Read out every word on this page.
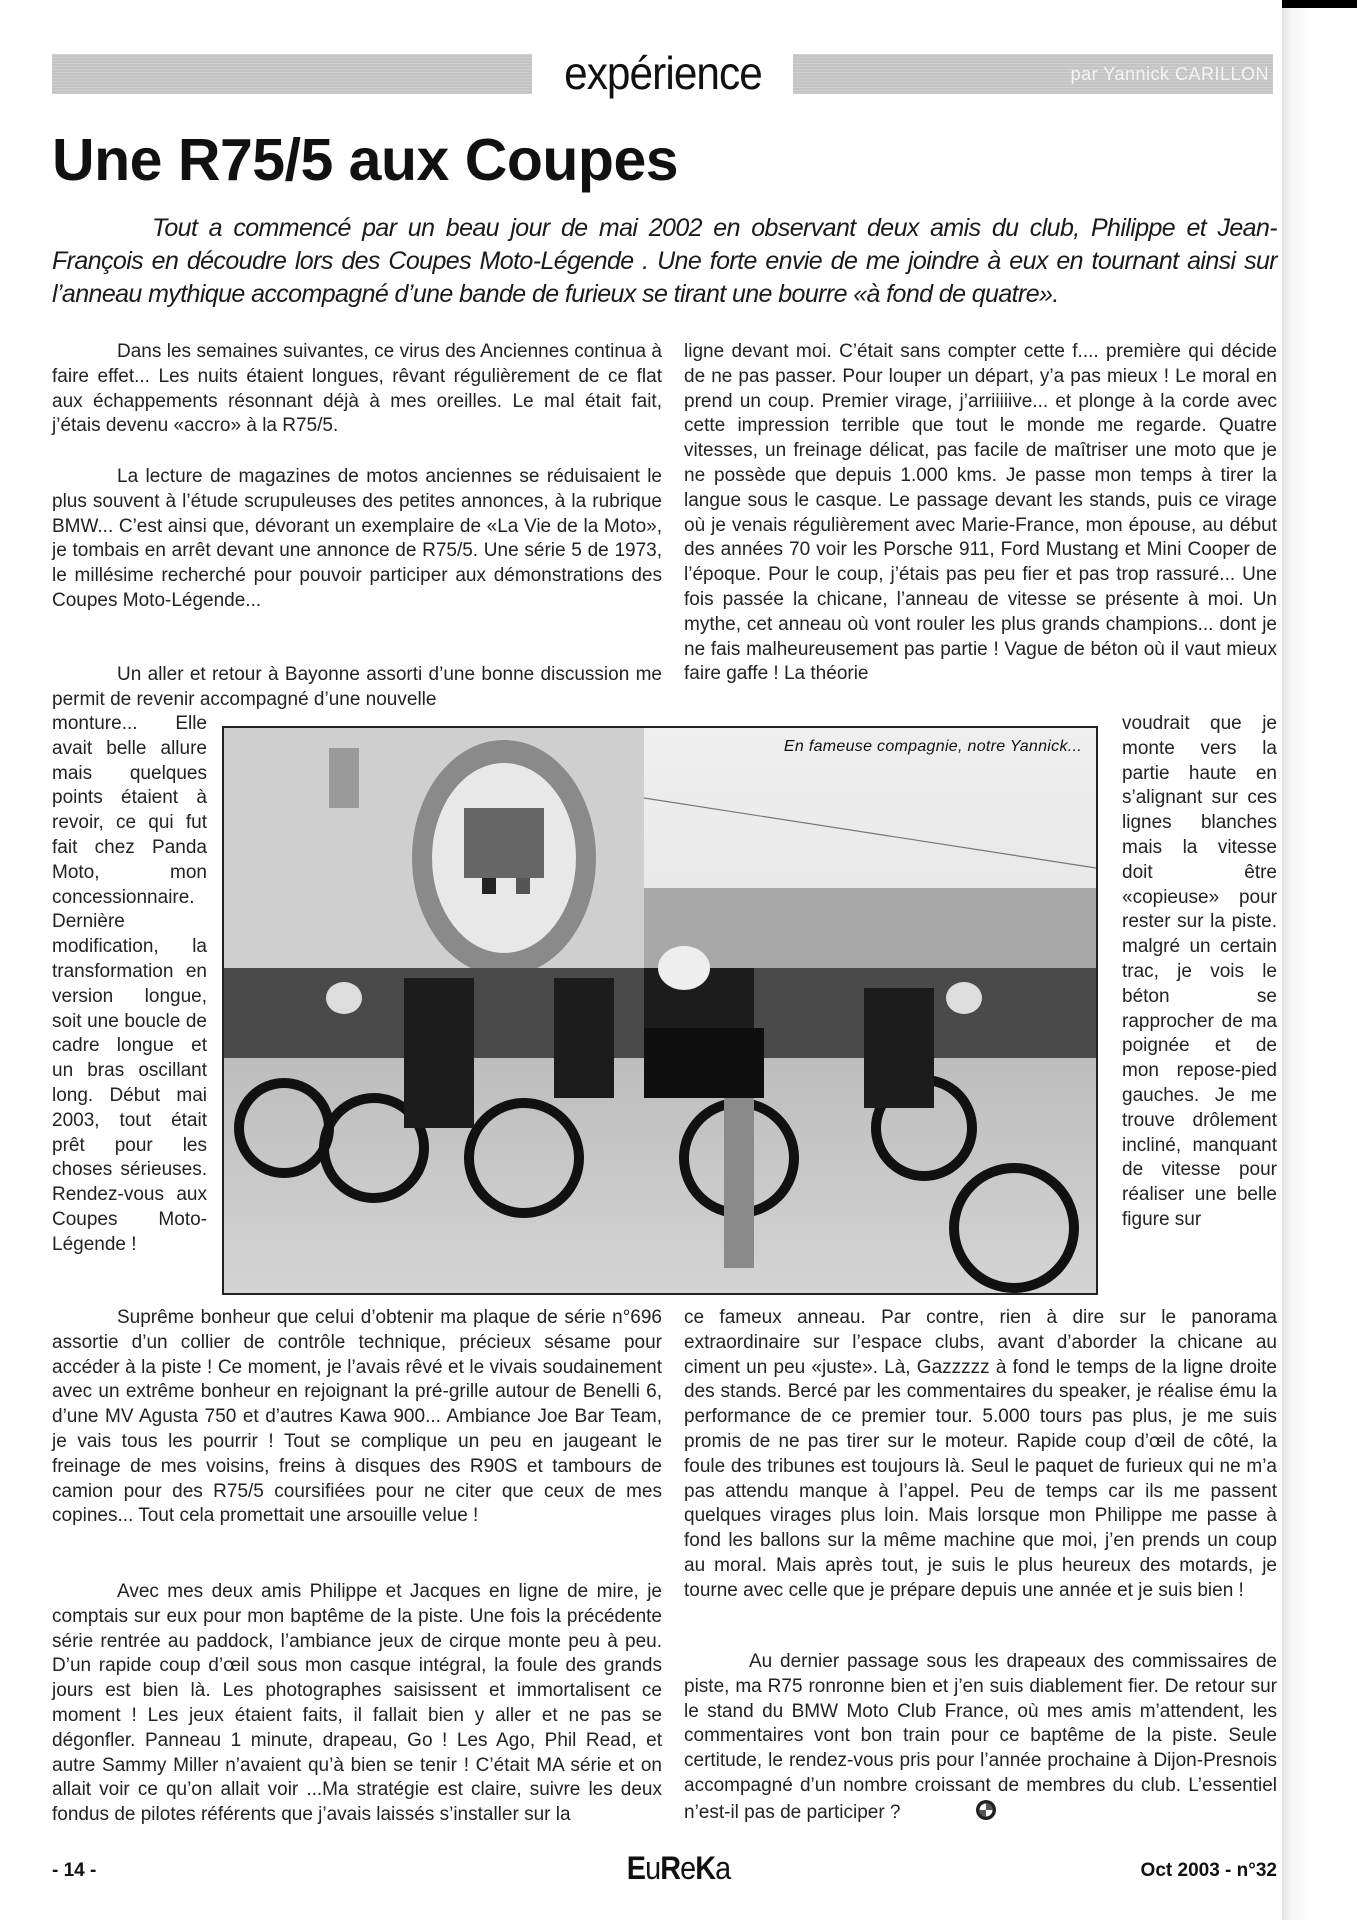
expérience	par Yannick CARILLON
Une R75/5 aux Coupes
Tout a commencé par un beau jour de mai 2002 en observant deux amis du club, Philippe et Jean-François en découdre lors des Coupes Moto-Légende . Une forte envie de me joindre à eux en tournant ainsi sur l’anneau mythique accompagné d’une bande de furieux se tirant une bourre «à fond de quatre».
Dans les semaines suivantes, ce virus des Anciennes continua à faire effet... Les nuits étaient longues, rêvant régulièrement de ce flat aux échappements résonnant déjà à mes oreilles. Le mal était fait, j’étais devenu «accro» à la R75/5.
La lecture de magazines de motos anciennes se réduisaient le plus souvent à l’étude scrupuleuses des petites annonces, à la rubrique BMW... C’est ainsi que, dévorant un exemplaire de «La Vie de la Moto», je tombais en arrêt devant une annonce de R75/5. Une série 5 de 1973, le millésime recherché pour pouvoir participer aux démonstrations des Coupes Moto-Légende...
Un aller et retour à Bayonne assorti d’une bonne discussion me permit de revenir accompagné d’une nouvelle
monture... Elle avait belle allure mais quelques points étaient à revoir, ce qui fut fait chez Panda Moto, mon concessionnaire. Dernière modification, la transformation en version longue, soit une boucle de cadre longue et un bras oscillant long. Début mai 2003, tout était prêt pour les choses sérieuses. Rendez-vous aux Coupes Moto-Légende !
Suprême bonheur que celui d’obtenir ma plaque de série n°696 assortie d’un collier de contrôle technique, précieux sésame pour accéder à la piste ! Ce moment, je l’avais rêvé et le vivais soudainement avec un extrême bonheur en rejoignant la pré-grille autour de Benelli 6, d’une MV Agusta 750 et d’autres Kawa 900... Ambiance Joe Bar Team, je vais tous les pourrir ! Tout se complique un peu en jaugeant le freinage de mes voisins, freins à disques des R90S et tambours de camion pour des R75/5 coursifiées pour ne citer que ceux de mes copines... Tout cela promettait une arsouille velue !
Avec mes deux amis Philippe et Jacques en ligne de mire, je comptais sur eux pour mon baptême de la piste. Une fois la précédente série rentrée au paddock, l’ambiance jeux de cirque monte peu à peu. D’un rapide coup d’œil sous mon casque intégral, la foule des grands jours est bien là. Les photographes saisissent et immortalisent ce moment ! Les jeux étaient faits, il fallait bien y aller et ne pas se dégonfler. Panneau 1 minute, drapeau, Go ! Les Ago, Phil Read, et autre Sammy Miller n’avaient qu’à bien se tenir ! C’était MA série et on allait voir ce qu’on allait voir ...Ma stratégie est claire, suivre les deux fondus de pilotes référents que j’avais laissés s’installer sur la
ligne devant moi. C’était sans compter cette f.... première qui décide de ne pas passer. Pour louper un départ, y’a pas mieux ! Le moral en prend un coup. Premier virage, j’arriiiiive... et plonge à la corde avec cette impression terrible que tout le monde me regarde. Quatre vitesses, un freinage délicat, pas facile de maîtriser une moto que je ne possède que depuis 1.000 kms. Je passe mon temps à tirer la langue sous le casque. Le passage devant les stands, puis ce virage où je venais régulièrement avec Marie-France, mon épouse, au début des années 70 voir les Porsche 911, Ford Mustang et Mini Cooper de l’époque. Pour le coup, j’étais pas peu fier et pas trop rassuré... Une fois passée la chicane, l’anneau de vitesse se présente à moi. Un mythe, cet anneau où vont rouler les plus grands champions... dont je ne fais malheureusement pas partie ! Vague de béton où il vaut mieux faire gaffe ! La théorie
voudrait que je monte vers la partie haute en s’alignant sur ces lignes blanches mais la vitesse doit être «copieuse» pour rester sur la piste. malgré un certain trac, je vois le béton se rapprocher de ma poignée et de mon repose-pied gauches. Je me trouve drôlement incliné, manquant de vitesse pour réaliser une belle figure sur
ce fameux anneau. Par contre, rien à dire sur le panorama extraordinaire sur l’espace clubs, avant d’aborder la chicane au ciment un peu «juste». Là, Gazzzzz à fond le temps de la ligne droite des stands. Bercé par les commentaires du speaker, je réalise ému la performance de ce premier tour. 5.000 tours pas plus, je me suis promis de ne pas tirer sur le moteur. Rapide coup d’œil de côté, la foule des tribunes est toujours là. Seul le paquet de furieux qui ne m’a pas attendu manque à l’appel. Peu de temps car ils me passent quelques virages plus loin. Mais lorsque mon Philippe me passe à fond les ballons sur la même machine que moi, j’en prends un coup au moral. Mais après tout, je suis le plus heureux des motards, je tourne avec celle que je prépare depuis une année et je suis bien !
Au dernier passage sous les drapeaux des commissaires de piste, ma R75 ronronne bien et j’en suis diablement fier. De retour sur le stand du BMW Moto Club France, où mes amis m’attendent, les commentaires vont bon train pour ce baptême de la piste. Seule certitude, le rendez-vous pris pour l’année prochaine à Dijon-Presnois accompagné d’un nombre croissant de membres du club. L’essentiel n’est-il pas de participer ?
En fameuse compagnie, notre Yannick...
- 14 -	EuReKa	Oct 2003 - n°32
